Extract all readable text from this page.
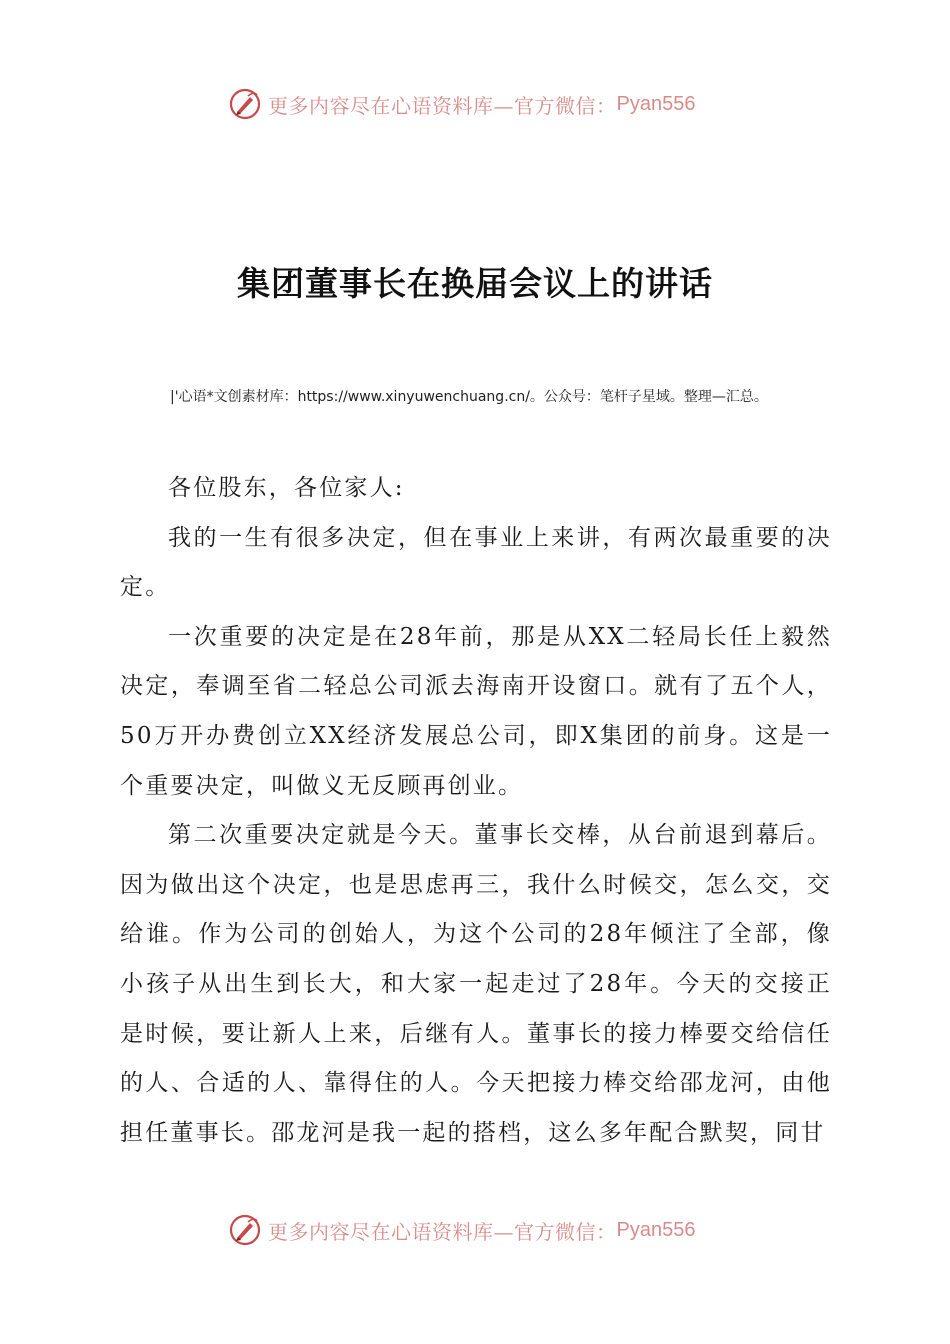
更多内容尽在心语资料库—官方微信： Pyan556
集团董事长在换届会议上的讲话

|'心语*文创素材库：https://www.xinyuwenchuang.cn/。公众号：笔杆子星域。整理—汇总。

各位股东，各位家人:

我的一生有很多决定，但在事业上来讲，有两次最重要的决定。

一次重要的决定是在28年前，那是从XX二轻局长任上毅然决定，奉调至省二轻总公司派去海南开设窗口。就有了五个人，50万开办费创立XX经济发展总公司，即X集团的前身。这是一个重要决定，叫做义无反顾再创业。

第二次重要决定就是今天。董事长交棒，从台前退到幕后。因为做出这个决定，也是思虑再三，我什么时候交，怎么交，交给谁。作为公司的创始人，为这个公司的28年倾注了全部，像小孩子从出生到长大，和大家一起走过了28年。今天的交接正是时候，要让新人上来，后继有人。董事长的接力棒要交给信任的人、合适的人、靠得住的人。今天把接力棒交给邵龙河，由他担任董事长。邵龙河是我一起的搭档，这么多年配合默契，同甘

更多内容尽在心语资料库—官方微信： Pyan556
